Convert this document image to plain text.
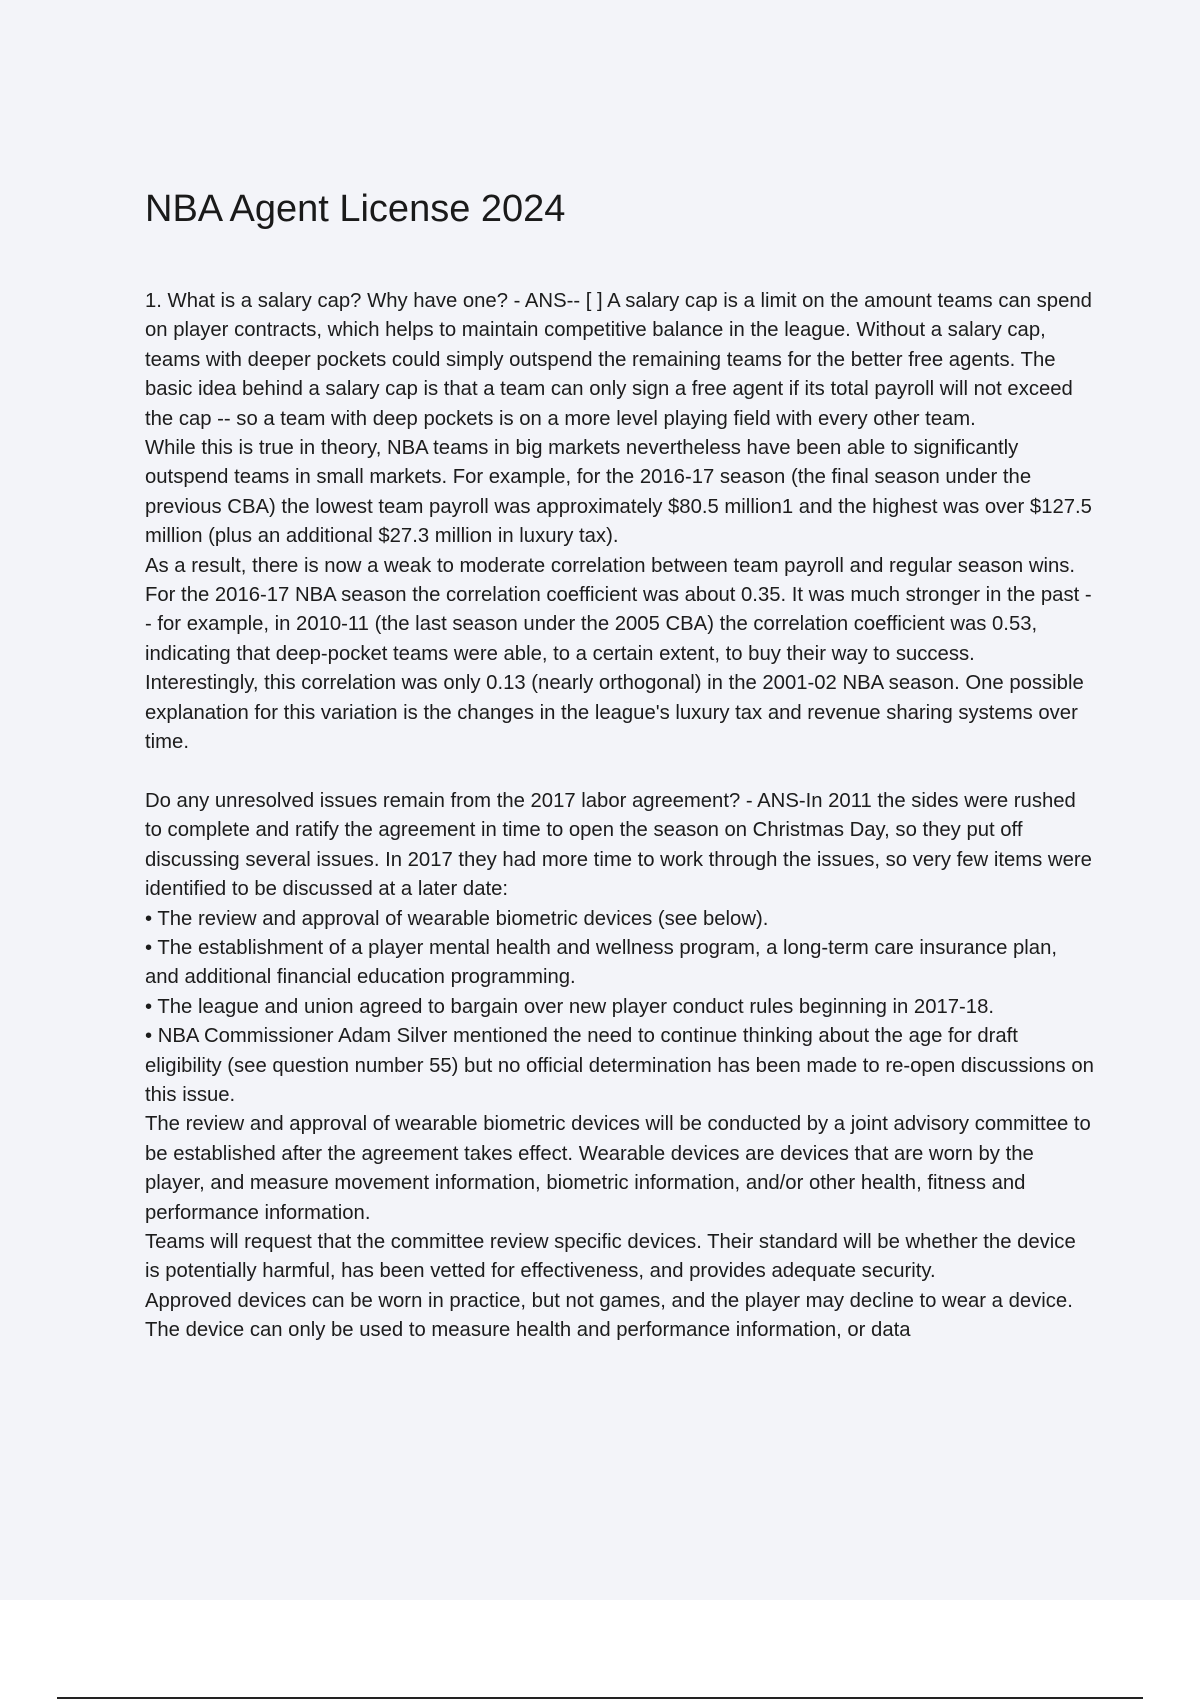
NBA Agent License 2024

1. What is a salary cap? Why have one? - ANS-- [ ] A salary cap is a limit on the amount teams can spend on player contracts, which helps to maintain competitive balance in the league. Without a salary cap, teams with deeper pockets could simply outspend the remaining teams for the better free agents. The basic idea behind a salary cap is that a team can only sign a free agent if its total payroll will not exceed the cap -- so a team with deep pockets is on a more level playing field with every other team.

While this is true in theory, NBA teams in big markets nevertheless have been able to significantly outspend teams in small markets. For example, for the 2016-17 season (the final season under the previous CBA) the lowest team payroll was approximately $80.5 million1 and the highest was over $127.5 million (plus an additional $27.3 million in luxury tax).

As a result, there is now a weak to moderate correlation between team payroll and regular season wins. For the 2016-17 NBA season the correlation coefficient was about 0.35. It was much stronger in the past -- for example, in 2010-11 (the last season under the 2005 CBA) the correlation coefficient was 0.53, indicating that deep-pocket teams were able, to a certain extent, to buy their way to success.

Interestingly, this correlation was only 0.13 (nearly orthogonal) in the 2001-02 NBA season. One possible explanation for this variation is the changes in the league's luxury tax and revenue sharing systems over time.

Do any unresolved issues remain from the 2017 labor agreement? - ANS-In 2011 the sides were rushed to complete and ratify the agreement in time to open the season on Christmas Day, so they put off discussing several issues. In 2017 they had more time to work through the issues, so very few items were identified to be discussed at a later date:

• The review and approval of wearable biometric devices (see below).

• The establishment of a player mental health and wellness program, a long-term care insurance plan, and additional financial education programming.

• The league and union agreed to bargain over new player conduct rules beginning in 2017-18.

• NBA Commissioner Adam Silver mentioned the need to continue thinking about the age for draft eligibility (see question number 55) but no official determination has been made to re-open discussions on this issue.

The review and approval of wearable biometric devices will be conducted by a joint advisory committee to be established after the agreement takes effect. Wearable devices are devices that are worn by the player, and measure movement information, biometric information, and/or other health, fitness and performance information.

Teams will request that the committee review specific devices. Their standard will be whether the device is potentially harmful, has been vetted for effectiveness, and provides adequate security.

Approved devices can be worn in practice, but not games, and the player may decline to wear a device. The device can only be used to measure health and performance information, or data
